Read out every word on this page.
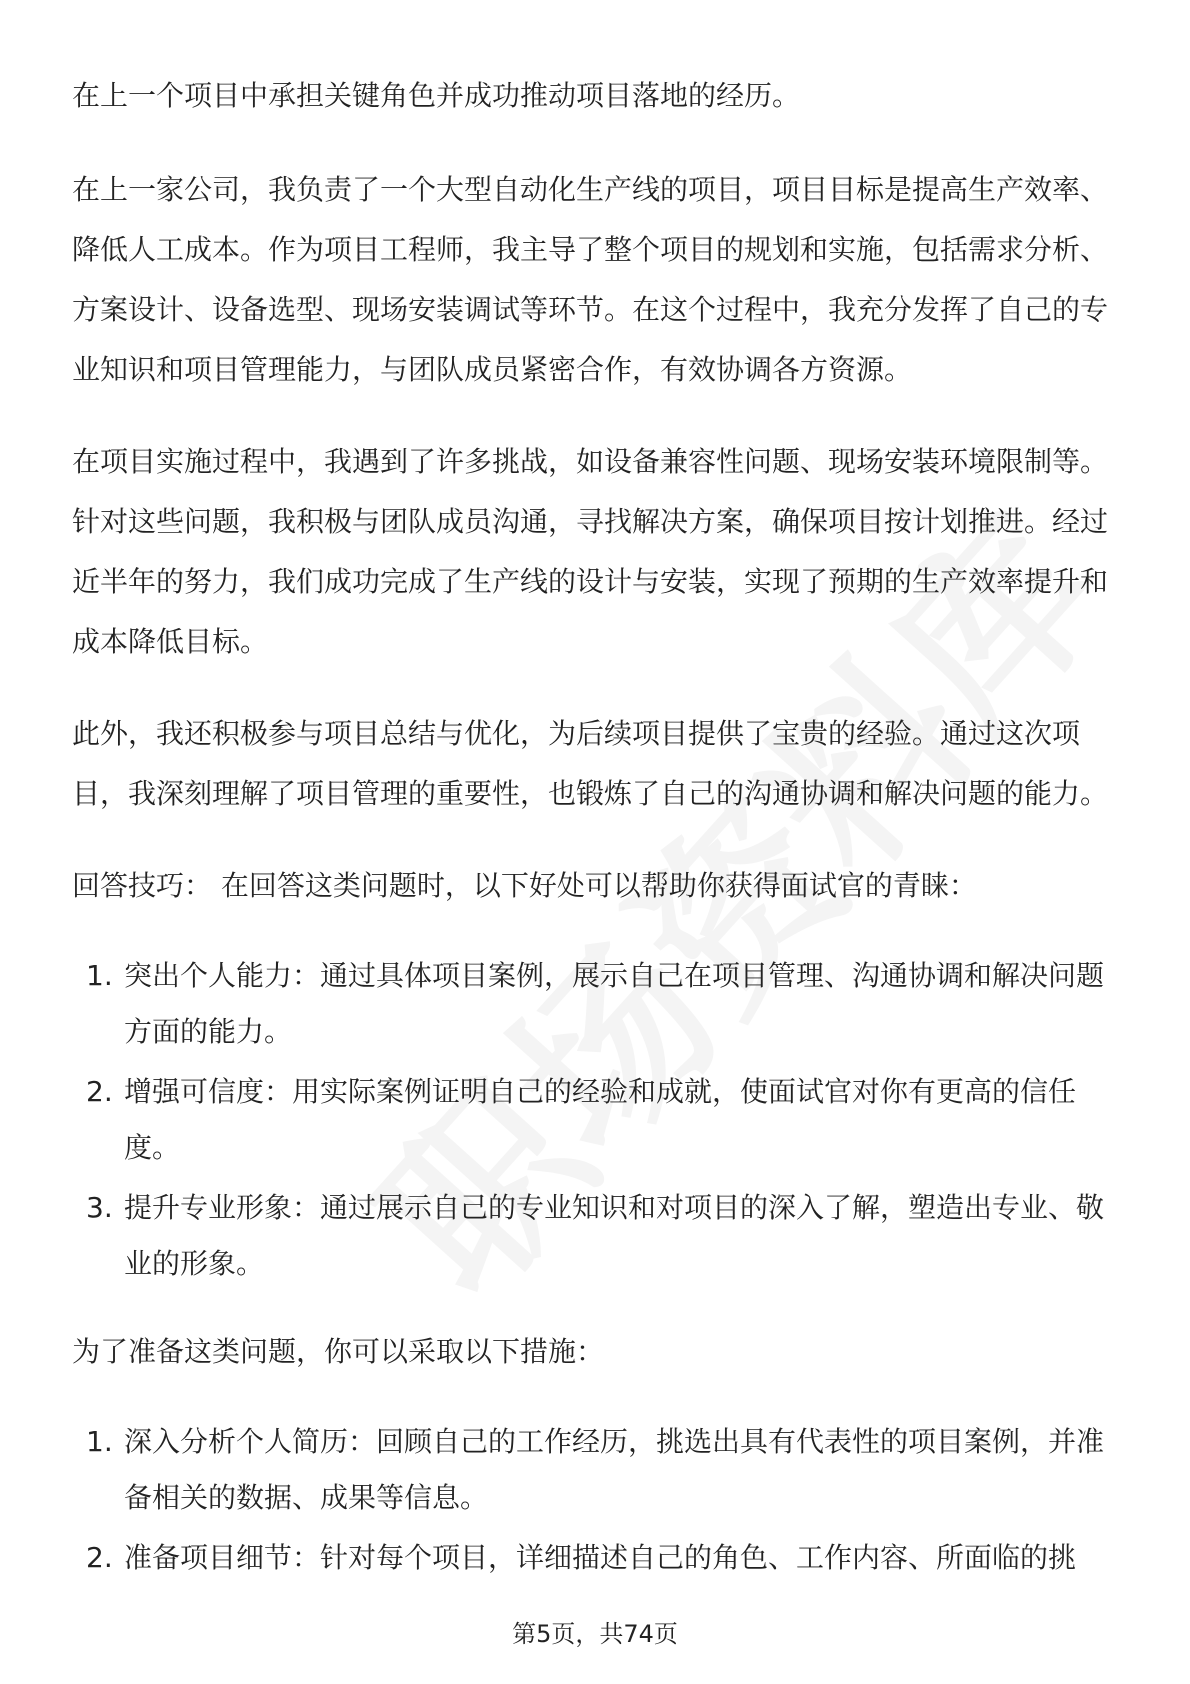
在上一个项目中承担关键角色并成功推动项目落地的经历。

在上一家公司，我负责了一个大型自动化生产线的项目，项目目标是提高生产效率、降低人工成本。作为项目工程师，我主导了整个项目的规划和实施，包括需求分析、方案设计、设备选型、现场安装调试等环节。在这个过程中，我充分发挥了自己的专业知识和项目管理能力，与团队成员紧密合作，有效协调各方资源。

在项目实施过程中，我遇到了许多挑战，如设备兼容性问题、现场安装环境限制等。针对这些问题，我积极与团队成员沟通，寻找解决方案，确保项目按计划推进。经过近半年的努力，我们成功完成了生产线的设计与安装，实现了预期的生产效率提升和成本降低目标。

此外，我还积极参与项目总结与优化，为后续项目提供了宝贵的经验。通过这次项目，我深刻理解了项目管理的重要性，也锻炼了自己的沟通协调和解决问题的能力。

回答技巧： 在回答这类问题时，以下好处可以帮助你获得面试官的青睐：

1. 突出个人能力：通过具体项目案例，展示自己在项目管理、沟通协调和解决问题方面的能力。
2. 增强可信度：用实际案例证明自己的经验和成就，使面试官对你有更高的信任度。
3. 提升专业形象：通过展示自己的专业知识和对项目的深入了解，塑造出专业、敬业的形象。

为了准备这类问题，你可以采取以下措施：

1. 深入分析个人简历：回顾自己的工作经历，挑选出具有代表性的项目案例，并准备相关的数据、成果等信息。
2. 准备项目细节：针对每个项目，详细描述自己的角色、工作内容、所面临的挑
第5页，共74页
